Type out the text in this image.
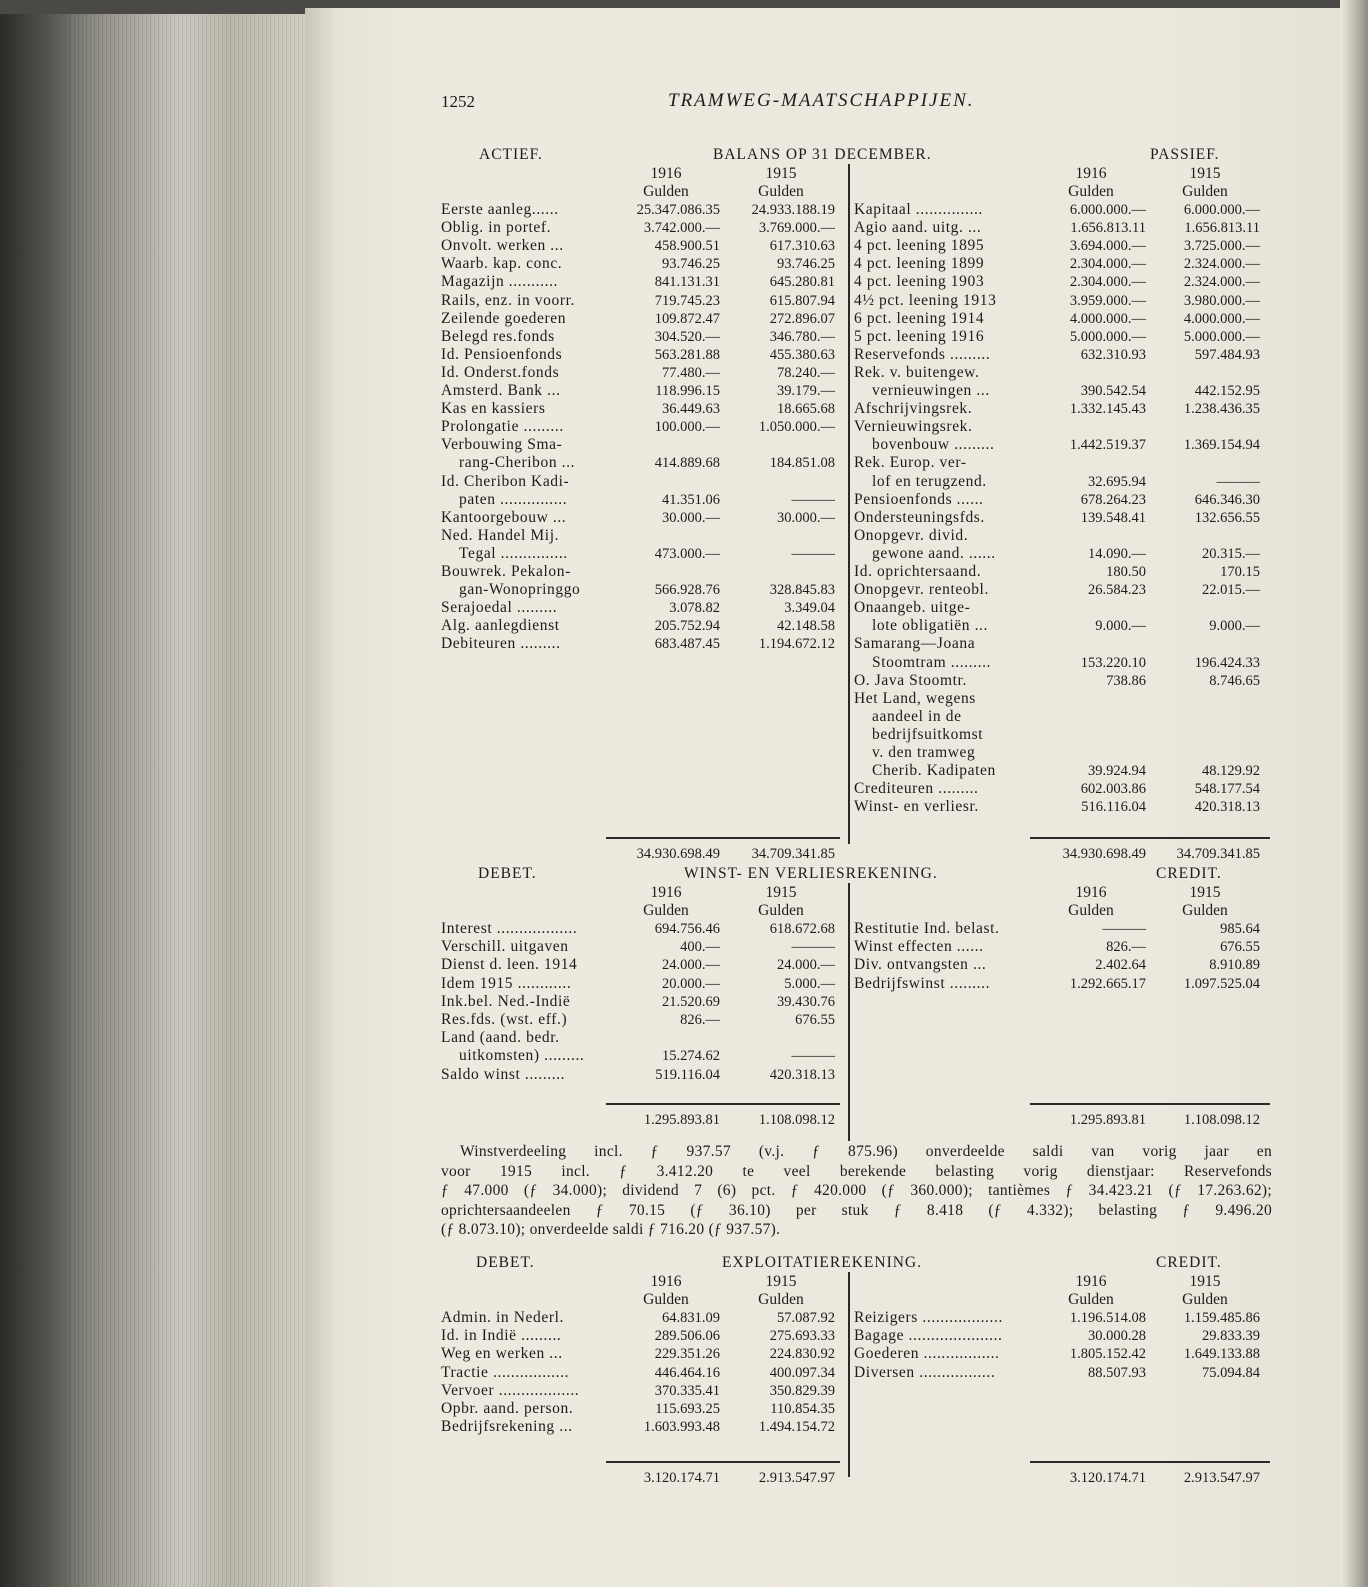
1252	TRAMWEG-MAATSCHAPPIJEN.
ACTIEF.	BALANS OP 31 DECEMBER.	PASSIEF.
1916	1915	1916	1915
Gulden	Gulden	Gulden	Gulden
Eerste aanleg......	25.347.086.35	24.933.188.19
Oblig. in portef.	3.742.000.—	3.769.000.—
Onvolt. werken ...	458.900.51	617.310.63
Waarb. kap. conc.	93.746.25	93.746.25
Magazijn ...........	841.131.31	645.280.81
Rails, enz. in voorr.	719.745.23	615.807.94
Zeilende goederen	109.872.47	272.896.07
Belegd res.fonds	304.520.—	346.780.—
Id. Pensioenfonds	563.281.88	455.380.63
Id. Onderst.fonds	77.480.—	78.240.—
Amsterd. Bank ...	118.996.15	39.179.—
Kas en kassiers	36.449.63	18.665.68
Prolongatie .........	100.000.—	1.050.000.—
Verbouwing Sma-
rang-Cheribon ...	414.889.68	184.851.08
Id. Cheribon Kadi-
paten ...............	41.351.06	———
Kantoorgebouw ...	30.000.—	30.000.—
Ned. Handel Mij.
Tegal ...............	473.000.—	———
Bouwrek. Pekalon-
gan-Wonopringgo	566.928.76	328.845.83
Serajoedal .........	3.078.82	3.349.04
Alg. aanlegdienst	205.752.94	42.148.58
Debiteuren .........	683.487.45	1.194.672.12
Kapitaal ...............	6.000.000.—	6.000.000.—
Agio aand. uitg. ...	1.656.813.11	1.656.813.11
4 pct. leening 1895	3.694.000.—	3.725.000.—
4 pct. leening 1899	2.304.000.—	2.324.000.—
4 pct. leening 1903	2.304.000.—	2.324.000.—
4½ pct. leening 1913	3.959.000.—	3.980.000.—
6 pct. leening 1914	4.000.000.—	4.000.000.—
5 pct. leening 1916	5.000.000.—	5.000.000.—
Reservefonds .........	632.310.93	597.484.93
Rek. v. buitengew.
vernieuwingen ...	390.542.54	442.152.95
Afschrijvingsrek.	1.332.145.43	1.238.436.35
Vernieuwingsrek.
bovenbouw .........	1.442.519.37	1.369.154.94
Rek. Europ. ver-
lof en terugzend.	32.695.94	———
Pensioenfonds ......	678.264.23	646.346.30
Ondersteuningsfds.	139.548.41	132.656.55
Onopgevr. divid.
gewone aand. ......	14.090.—	20.315.—
Id. oprichtersaand.	180.50	170.15
Onopgevr. renteobl.	26.584.23	22.015.—
Onaangeb. uitge-
lote obligatiën ...	9.000.—	9.000.—
Samarang—Joana
Stoomtram .........	153.220.10	196.424.33
O. Java Stoomtr.	738.86	8.746.65
Het Land, wegens
aandeel in de
bedrijfsuitkomst
v. den tramweg
Cherib. Kadipaten	39.924.94	48.129.92
Crediteuren .........	602.003.86	548.177.54
Winst- en verliesr.	516.116.04	420.318.13
34.930.698.49	34.709.341.85	34.930.698.49	34.709.341.85
DEBET.	WINST- EN VERLIESREKENING.	CREDIT.
1916	1915	1916	1915
Gulden	Gulden	Gulden	Gulden
Interest ..................	694.756.46	618.672.68
Verschill. uitgaven	400.—	———
Dienst d. leen. 1914	24.000.—	24.000.—
Idem 1915 ............	20.000.—	5.000.—
Ink.bel. Ned.-Indië	21.520.69	39.430.76
Res.fds. (wst. eff.)	826.—	676.55
Land (aand. bedr.
uitkomsten) .........	15.274.62	———
Saldo winst .........	519.116.04	420.318.13
Restitutie Ind. belast.	———	985.64
Winst effecten ......	826.—	676.55
Div. ontvangsten ...	2.402.64	8.910.89
Bedrijfswinst .........	1.292.665.17	1.097.525.04
1.295.893.81	1.108.098.12	1.295.893.81	1.108.098.12
Winstverdeeling incl. ƒ 937.57 (v.j. ƒ 875.96) onverdeelde saldi van vorig jaar en
voor 1915 incl. ƒ 3.412.20 te veel berekende belasting vorig dienstjaar: Reservefonds
ƒ 47.000 (ƒ 34.000); dividend 7 (6) pct. ƒ 420.000 (ƒ 360.000); tantièmes ƒ 34.423.21 (ƒ 17.263.62);
oprichtersaandeelen ƒ 70.15 (ƒ 36.10) per stuk ƒ 8.418 (ƒ 4.332); belasting ƒ 9.496.20
(ƒ 8.073.10); onverdeelde saldi ƒ 716.20 (ƒ 937.57).
DEBET.	EXPLOITATIEREKENING.	CREDIT.
1916	1915	1916	1915
Gulden	Gulden	Gulden	Gulden
Admin. in Nederl.	64.831.09	57.087.92
Id. in Indië .........	289.506.06	275.693.33
Weg en werken ...	229.351.26	224.830.92
Tractie .................	446.464.16	400.097.34
Vervoer ..................	370.335.41	350.829.39
Opbr. aand. person.	115.693.25	110.854.35
Bedrijfsrekening ...	1.603.993.48	1.494.154.72
Reizigers ..................	1.196.514.08	1.159.485.86
Bagage .....................	30.000.28	29.833.39
Goederen .................	1.805.152.42	1.649.133.88
Diversen .................	88.507.93	75.094.84
3.120.174.71	2.913.547.97	3.120.174.71	2.913.547.97
